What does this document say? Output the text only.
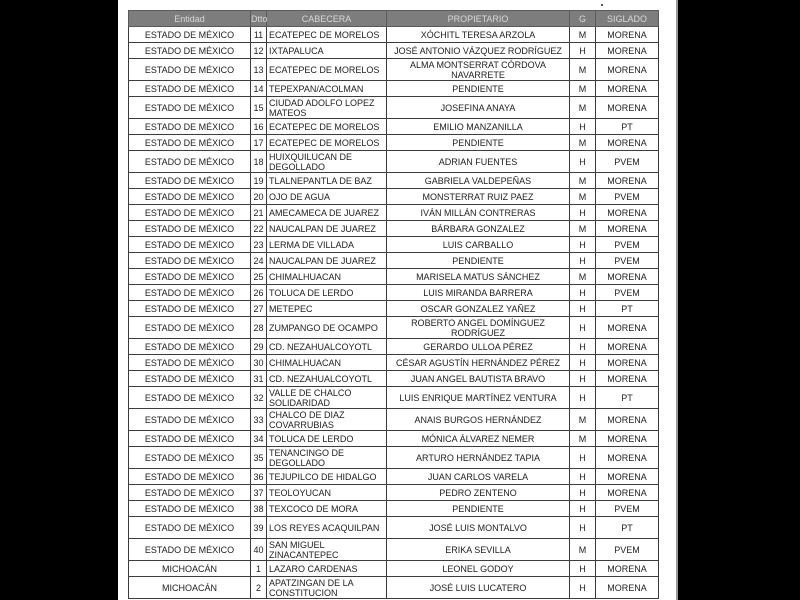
Entidad	Dtto	CABECERA	PROPIETARIO	G	SIGLADO
ESTADO DE MÉXICO	11	ECATEPEC DE MORELOS	XÓCHITL TERESA ARZOLA	M	MORENA
ESTADO DE MÉXICO	12	IXTAPALUCA	JOSÉ ANTONIO VÁZQUEZ RODRÍGUEZ	H	MORENA
ESTADO DE MÉXICO	13	ECATEPEC DE MORELOS	ALMA MONTSERRAT CÓRDOVA NAVARRETE	M	MORENA
ESTADO DE MÉXICO	14	TEPEXPAN/ACOLMAN	PENDIENTE	M	MORENA
ESTADO DE MÉXICO	15	CIUDAD ADOLFO LOPEZ MATEOS	JOSEFINA ANAYA	M	MORENA
ESTADO DE MÉXICO	16	ECATEPEC DE MORELOS	EMILIO MANZANILLA	H	PT
ESTADO DE MÉXICO	17	ECATEPEC DE MORELOS	PENDIENTE	M	MORENA
ESTADO DE MÉXICO	18	HUIXQUILUCAN DE DEGOLLADO	ADRIAN FUENTES	H	PVEM
ESTADO DE MÉXICO	19	TLALNEPANTLA DE BAZ	GABRIELA VALDEPEÑAS	M	MORENA
ESTADO DE MÉXICO	20	OJO DE AGUA	MONSTERRAT RUIZ PAEZ	M	PVEM
ESTADO DE MÉXICO	21	AMECAMECA DE JUAREZ	IVÁN MILLÁN CONTRERAS	H	MORENA
ESTADO DE MÉXICO	22	NAUCALPAN DE JUAREZ	BÁRBARA GONZALEZ	M	MORENA
ESTADO DE MÉXICO	23	LERMA DE VILLADA	LUIS CARBALLO	H	PVEM
ESTADO DE MÉXICO	24	NAUCALPAN DE JUAREZ	PENDIENTE	H	PVEM
ESTADO DE MÉXICO	25	CHIMALHUACAN	MARISELA MATUS SÁNCHEZ	M	MORENA
ESTADO DE MÉXICO	26	TOLUCA DE LERDO	LUIS MIRANDA BARRERA	H	PVEM
ESTADO DE MÉXICO	27	METEPEC	OSCAR GONZALEZ YAÑEZ	H	PT
ESTADO DE MÉXICO	28	ZUMPANGO DE OCAMPO	ROBERTO ANGEL DOMÍNGUEZ RODRÍGUEZ	H	MORENA
ESTADO DE MÉXICO	29	CD. NEZAHUALCOYOTL	GERARDO ULLOA PÉREZ	H	MORENA
ESTADO DE MÉXICO	30	CHIMALHUACAN	CÉSAR AGUSTÍN HERNÁNDEZ PÉREZ	H	MORENA
ESTADO DE MÉXICO	31	CD. NEZAHUALCOYOTL	JUAN ANGEL BAUTISTA BRAVO	H	MORENA
ESTADO DE MÉXICO	32	VALLE DE CHALCO SOLIDARIDAD	LUIS ENRIQUE MARTÍNEZ VENTURA	H	PT
ESTADO DE MÉXICO	33	CHALCO DE DIAZ COVARRUBIAS	ANAIS BURGOS HERNÁNDEZ	M	MORENA
ESTADO DE MÉXICO	34	TOLUCA DE LERDO	MÓNICA ÁLVAREZ NEMER	M	MORENA
ESTADO DE MÉXICO	35	TENANCINGO DE DEGOLLADO	ARTURO HERNÁNDEZ TAPIA	H	MORENA
ESTADO DE MÉXICO	36	TEJUPILCO DE HIDALGO	JUAN CARLOS VARELA	H	MORENA
ESTADO DE MÉXICO	37	TEOLOYUCAN	PEDRO ZENTENO	H	MORENA
ESTADO DE MÉXICO	38	TEXCOCO DE MORA	PENDIENTE	H	PVEM
ESTADO DE MÉXICO	39	LOS REYES ACAQUILPAN	JOSÉ LUIS MONTALVO	H	PT
ESTADO DE MÉXICO	40	SAN MIGUEL ZINACANTEPEC	ERIKA SEVILLA	M	PVEM
MICHOACÁN	1	LAZARO CARDENAS	LEONEL GODOY	H	MORENA
MICHOACÁN	2	APATZINGAN DE LA CONSTITUCION	JOSÉ LUIS LUCATERO	H	MORENA
